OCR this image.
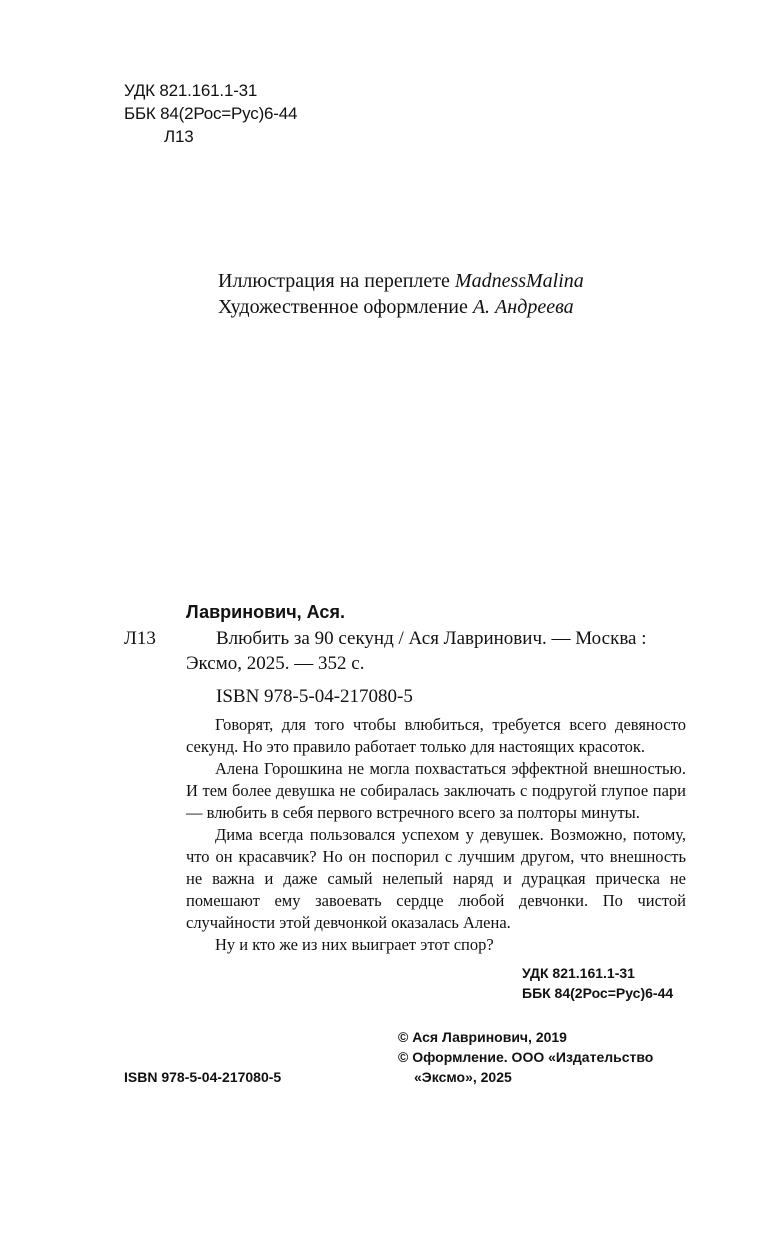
УДК 821.161.1-31
ББК 84(2Рос=Рус)6-44
Л13
Иллюстрация на переплете MadnessMalina
Художественное оформление А. Андреева
Лавринович, Ася.
Л13	Влюбить за 90 секунд / Ася Лавринович. — Москва :
Эксмо, 2025. — 352 с.
ISBN 978-5-04-217080-5

Говорят, для того чтобы влюбиться, требуется всего девяносто секунд. Но это правило работает только для настоящих красоток.

Алена Горошкина не могла похвастаться эффектной внешностью. И тем более девушка не собиралась заключать с подругой глупое пари — влюбить в себя первого встречного всего за полторы минуты.

Дима всегда пользовался успехом у девушек. Возможно, потому, что он красавчик? Но он поспорил с лучшим другом, что внешность не важна и даже самый нелепый наряд и дурацкая прическа не помешают ему завоевать сердце любой девчонки. По чистой случайности этой девчонкой оказалась Алена.

Ну и кто же из них выиграет этот спор?

УДК 821.161.1-31
ББК 84(2Рос=Рус)6-44
© Ася Лавринович, 2019
© Оформление. ООО «Издательство
«Эксмо», 2025
ISBN 978-5-04-217080-5
